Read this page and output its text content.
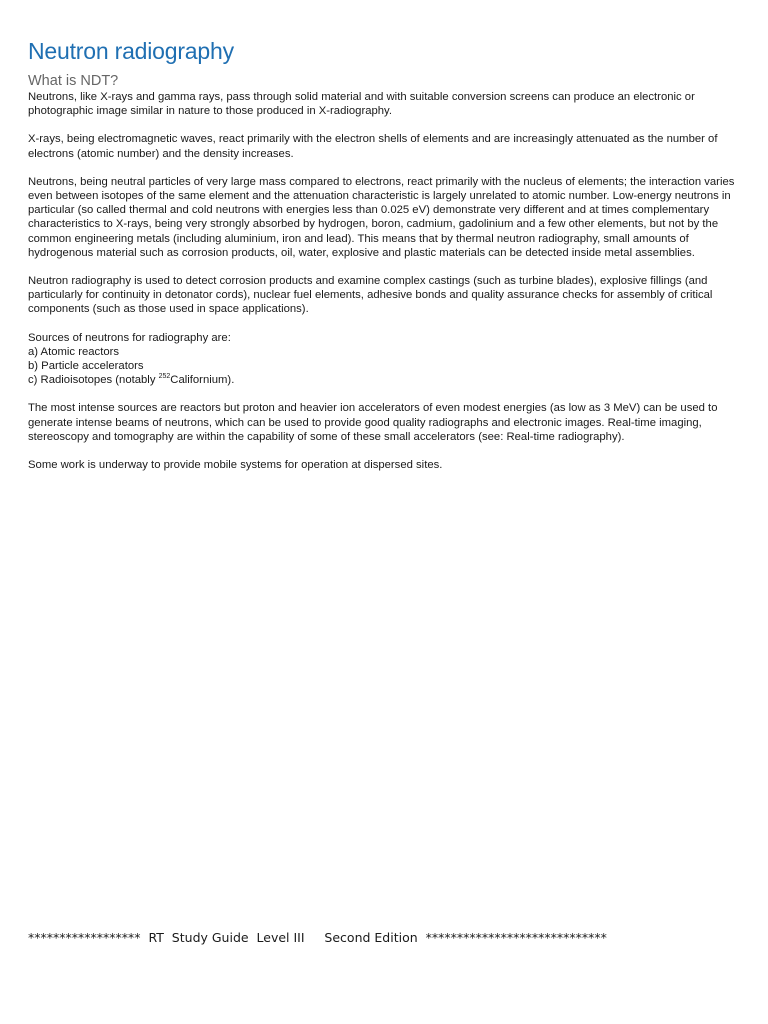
Neutron radiography
What is NDT?

Neutrons, like X-rays and gamma rays, pass through solid material and with suitable conversion screens can produce an electronic or photographic image similar in nature to those produced in X-radiography.

X-rays, being electromagnetic waves, react primarily with the electron shells of elements and are increasingly attenuated as the number of electrons (atomic number) and the density increases.

Neutrons, being neutral particles of very large mass compared to electrons, react primarily with the nucleus of elements; the interaction varies even between isotopes of the same element and the attenuation characteristic is largely unrelated to atomic number. Low-energy neutrons in particular (so called thermal and cold neutrons with energies less than 0.025 eV) demonstrate very different and at times complementary characteristics to X-rays, being very strongly absorbed by hydrogen, boron, cadmium, gadolinium and a few other elements, but not by the common engineering metals (including aluminium, iron and lead). This means that by thermal neutron radiography, small amounts of hydrogenous material such as corrosion products, oil, water, explosive and plastic materials can be detected inside metal assemblies.

Neutron radiography is used to detect corrosion products and examine complex castings (such as turbine blades), explosive fillings (and particularly for continuity in detonator cords), nuclear fuel elements, adhesive bonds and quality assurance checks for assembly of critical components (such as those used in space applications).

Sources of neutrons for radiography are:
a) Atomic reactors
b) Particle accelerators
c) Radioisotopes (notably $^{252}$Californium).

The most intense sources are reactors but proton and heavier ion accelerators of even modest energies (as low as 3 MeV) can be used to generate intense beams of neutrons, which can be used to provide good quality radiographs and electronic images. Real-time imaging, stereoscopy and tomography are within the capability of some of these small accelerators (see: Real-time radiography).

Some work is underway to provide mobile systems for operation at dispersed sites.

******************  RT  Study Guide  Level III     Second Edition  *****************************
